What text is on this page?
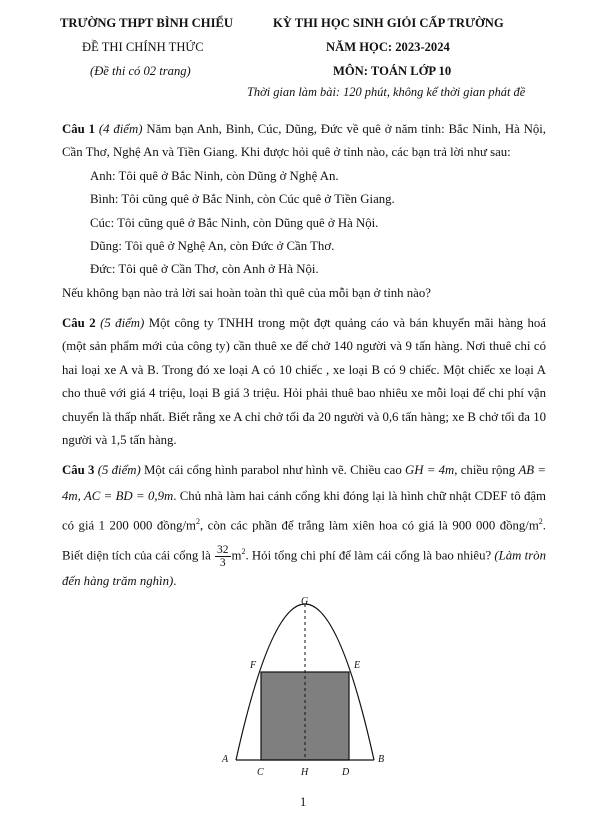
TRƯỜNG THPT BÌNH CHIỂU
ĐỀ THI CHÍNH THỨC
(Đề thi có 02 trang)
KỲ THI HỌC SINH GIỎI CẤP TRƯỜNG
NĂM HỌC: 2023-2024
MÔN: TOÁN LỚP 10
Thời gian làm bài: 120 phút, không kể thời gian phát đề

Câu 1 (4 điểm) Năm bạn Anh, Bình, Cúc, Dũng, Đức về quê ở năm tỉnh: Bắc Ninh, Hà Nội, Cần Thơ, Nghệ An và Tiền Giang. Khi được hỏi quê ở tỉnh nào, các bạn trả lời như sau:

Anh: Tôi quê ở Bắc Ninh, còn Dũng ở Nghệ An.

Bình: Tôi cũng quê ở Bắc Ninh, còn Cúc quê ở Tiền Giang.

Cúc: Tôi cũng quê ở Bắc Ninh, còn Dũng quê ở Hà Nội.

Dũng: Tôi quê ở Nghệ An, còn Đức ở Cần Thơ.

Đức: Tôi quê ở Cần Thơ, còn Anh ở Hà Nội.

Nếu không bạn nào trả lời sai hoàn toàn thì quê của mỗi bạn ở tỉnh nào?

Câu 2 (5 điểm) Một công ty TNHH trong một đợt quảng cáo và bán khuyến mãi hàng hoá (một sản phẩm mới của công ty) cần thuê xe để chở 140 người và 9 tấn hàng. Nơi thuê chỉ có hai loại xe A và B. Trong đó xe loại A có 10 chiếc , xe loại B có 9 chiếc. Một chiếc xe loại A cho thuê với giá 4 triệu, loại B giá 3 triệu. Hỏi phải thuê bao nhiêu xe mỗi loại để chi phí vận chuyển là thấp nhất. Biết rằng xe A chỉ chở tối đa 20 người và 0,6 tấn hàng; xe B chở tối đa 10 người và 1,5 tấn hàng.

Câu 3 (5 điểm) Một cái cổng hình parabol như hình vẽ. Chiều cao GH = 4m, chiều rộng AB = 4m, AC = BD = 0,9m. Chủ nhà làm hai cánh cổng khi đóng lại là hình chữ nhật CDEF tô đậm có giá 1 200 000 đồng/$m^2$, còn các phần để trắng làm xiên hoa có giá là 900 000 đồng/$m^2$. Biết diện tích của cái cổng là $\frac{32}{3} m^2$. Hỏi tổng chi phí để làm cái cổng là bao nhiêu? (Làm tròn đến hàng trăm nghìn).

G
F	E
A	B
C	H	D
1
